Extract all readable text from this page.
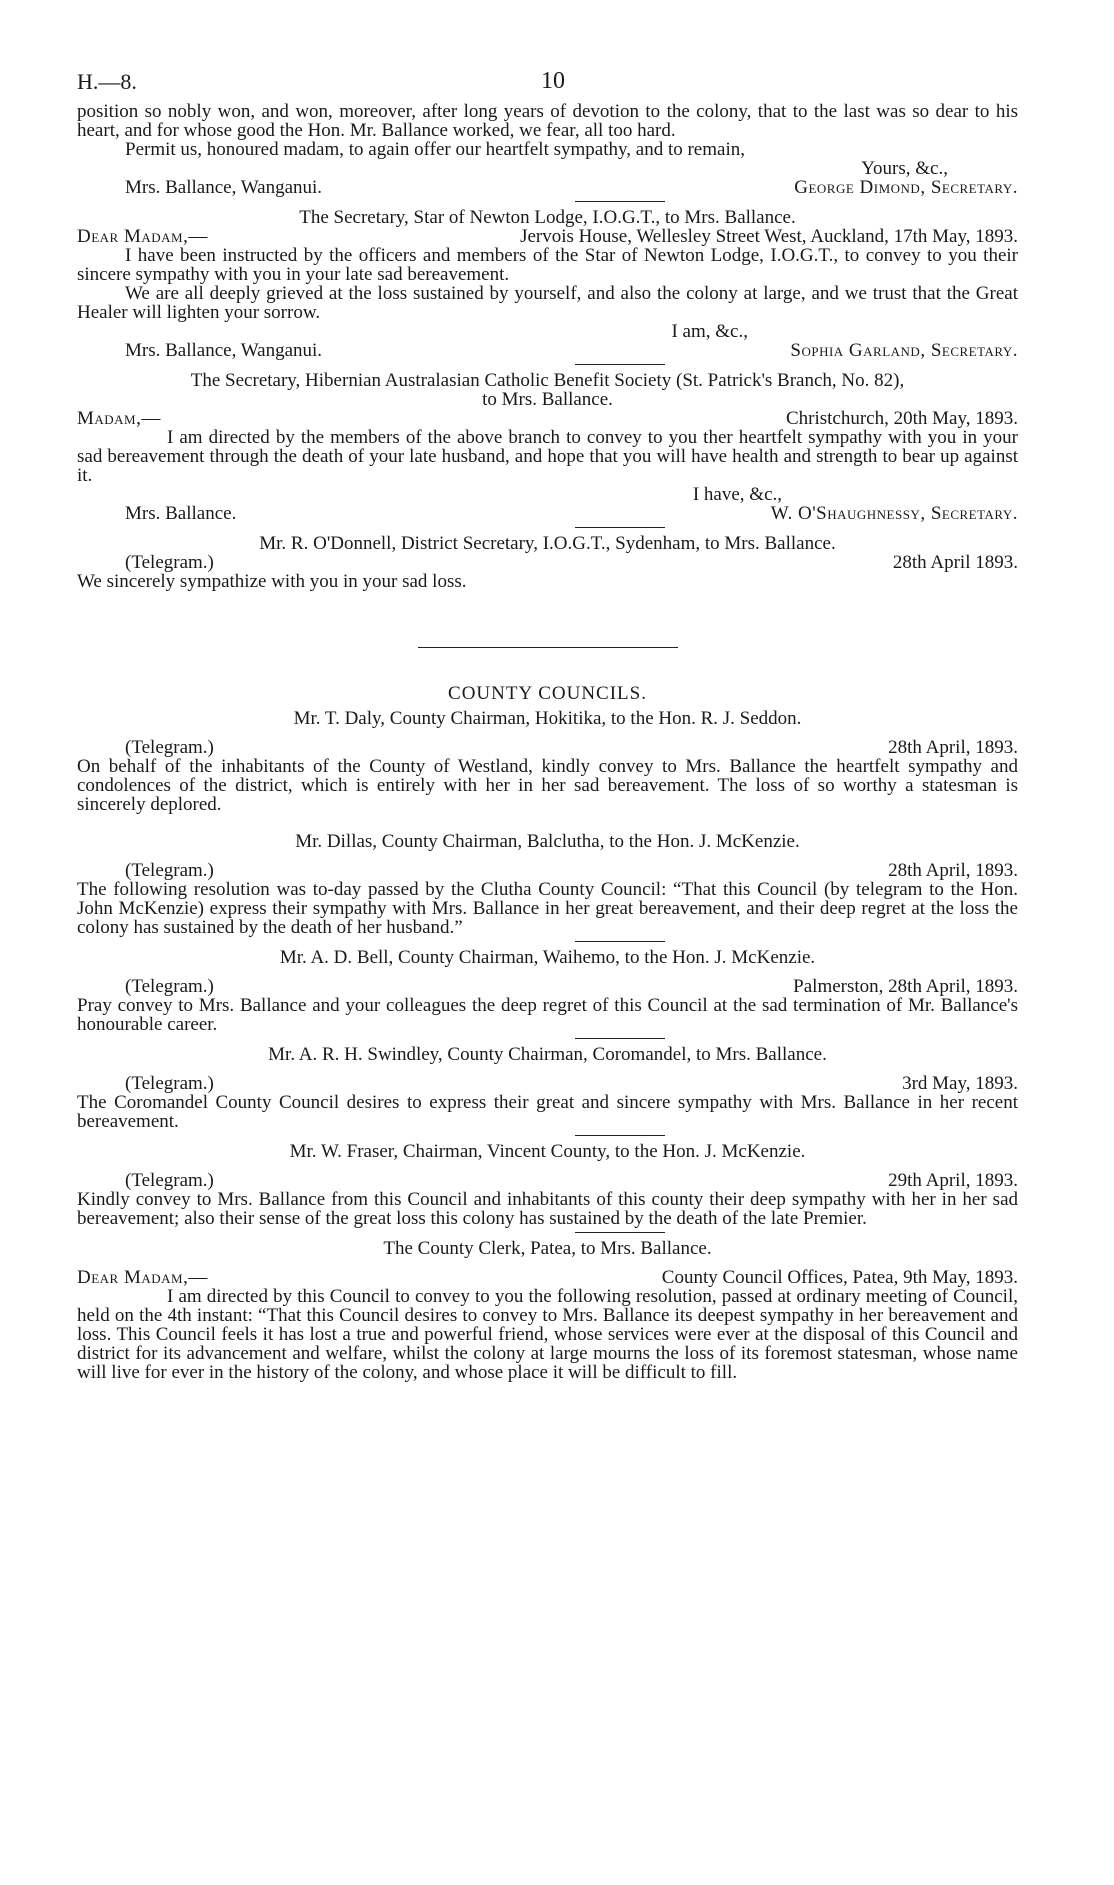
H.—8.	10

position so nobly won, and won, moreover, after long years of devotion to the colony, that to the last was so dear to his heart, and for whose good the Hon. Mr. Ballance worked, we fear, all too hard.

Permit us, honoured madam, to again offer our heartfelt sympathy, and to remain,

Yours, &c.,
Mrs. Ballance, Wanganui.	George Dimond, Secretary.
The Secretary, Star of Newton Lodge, I.O.G.T., to Mrs. Ballance.
Dear Madam,—	Jervois House, Wellesley Street West, Auckland, 17th May, 1893.

I have been instructed by the officers and members of the Star of Newton Lodge, I.O.G.T., to convey to you their sincere sympathy with you in your late sad bereavement.

We are all deeply grieved at the loss sustained by yourself, and also the colony at large, and we trust that the Great Healer will lighten your sorrow.

I am, &c.,
Mrs. Ballance, Wanganui.	Sophia Garland, Secretary.
The Secretary, Hibernian Australasian Catholic Benefit Society (St. Patrick's Branch, No. 82),
to Mrs. Ballance.
Madam,—	Christchurch, 20th May, 1893.

I am directed by the members of the above branch to convey to you ther heartfelt sympathy with you in your sad bereavement through the death of your late husband, and hope that you will have health and strength to bear up against it.

I have, &c.,
Mrs. Ballance.	W. O'Shaughnessy, Secretary.
Mr. R. O'Donnell, District Secretary, I.O.G.T., Sydenham, to Mrs. Ballance.
(Telegram.)	28th April 1893.

We sincerely sympathize with you in your sad loss.

COUNTY COUNCILS.
Mr. T. Daly, County Chairman, Hokitika, to the Hon. R. J. Seddon.
(Telegram.)	28th April, 1893.

On behalf of the inhabitants of the County of Westland, kindly convey to Mrs. Ballance the heartfelt sympathy and condolences of the district, which is entirely with her in her sad bereavement. The loss of so worthy a statesman is sincerely deplored.

Mr. Dillas, County Chairman, Balclutha, to the Hon. J. McKenzie.
(Telegram.)	28th April, 1893.

The following resolution was to-day passed by the Clutha County Council: “That this Council (by telegram to the Hon. John McKenzie) express their sympathy with Mrs. Ballance in her great bereavement, and their deep regret at the loss the colony has sustained by the death of her husband.”

Mr. A. D. Bell, County Chairman, Waihemo, to the Hon. J. McKenzie.
(Telegram.)	Palmerston, 28th April, 1893.

Pray convey to Mrs. Ballance and your colleagues the deep regret of this Council at the sad termination of Mr. Ballance's honourable career.

Mr. A. R. H. Swindley, County Chairman, Coromandel, to Mrs. Ballance.
(Telegram.)	3rd May, 1893.

The Coromandel County Council desires to express their great and sincere sympathy with Mrs. Ballance in her recent bereavement.

Mr. W. Fraser, Chairman, Vincent County, to the Hon. J. McKenzie.
(Telegram.)	29th April, 1893.

Kindly convey to Mrs. Ballance from this Council and inhabitants of this county their deep sympathy with her in her sad bereavement; also their sense of the great loss this colony has sustained by the death of the late Premier.

The County Clerk, Patea, to Mrs. Ballance.
Dear Madam,—	County Council Offices, Patea, 9th May, 1893.

I am directed by this Council to convey to you the following resolution, passed at ordinary meeting of Council, held on the 4th instant: “That this Council desires to convey to Mrs. Ballance its deepest sympathy in her bereavement and loss. This Council feels it has lost a true and powerful friend, whose services were ever at the disposal of this Council and district for its advancement and welfare, whilst the colony at large mourns the loss of its foremost statesman, whose name will live for ever in the history of the colony, and whose place it will be difficult to fill.
